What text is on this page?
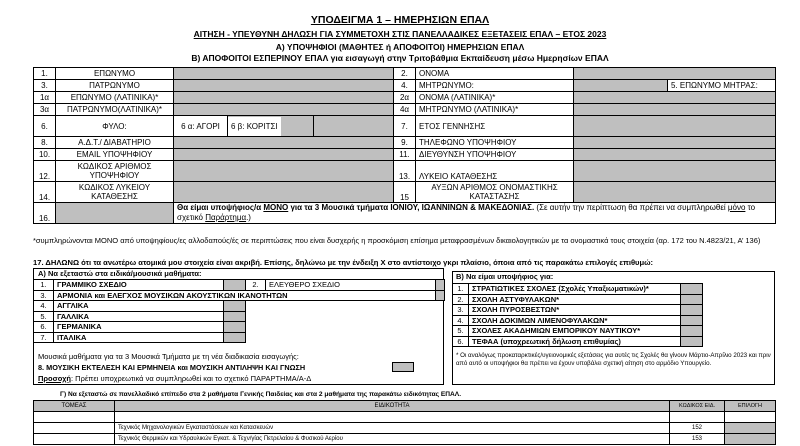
ΥΠΟΔΕΙΓΜΑ 1 – ΗΜΕΡΗΣΙΩΝ ΕΠΑΛ
ΑΙΤΗΣΗ - ΥΠΕΥΘΥΝΗ ΔΗΛΩΣΗ ΓΙΑ ΣΥΜΜΕΤΟΧΗ ΣΤΙΣ ΠΑΝΕΛΛΑΔΙΚΕΣ ΕΞΕΤΑΣΕΙΣ ΕΠΑΛ – ΕΤΟΣ 2023
Α) ΥΠΟΨΗΦΙΟΙ (ΜΑΘΗΤΕΣ ή ΑΠΟΦΟΙΤΟΙ) ΗΜΕΡΗΣΙΩΝ ΕΠΑΛ
Β) ΑΠΟΦΟΙΤΟΙ ΕΣΠΕΡΙΝΟΥ ΕΠΑΛ για εισαγωγή στην Τριτοβάθμια Εκπαίδευση μέσω Ημερησίων ΕΠΑΛ
1.	ΕΠΩΝΥΜΟ				2.	ΟΝΟΜΑ		
3.	ΠΑΤΡΩΝΥΜΟ				4.	ΜΗΤΡΩΝΥΜΟ:		5. ΕΠΩΝΥΜΟ ΜΗΤΡΑΣ:
1α	ΕΠΩΝΥΜΟ (ΛΑΤΙΝΙΚΑ)*				2α	ΟΝΟΜΑ (ΛΑΤΙΝΙΚΑ)*		
3α	ΠΑΤΡΩΝΥΜΟ(ΛΑΤΙΝΙΚΑ)*				4α	ΜΗΤΡΩΝΥΜΟ (ΛΑΤΙΝΙΚΑ)*		
6.	ΦΥΛΟ:	6 α: ΑΓΟΡΙ	6 β: ΚΟΡΙΤΣΙ		7.	ΕΤΟΣ ΓΕΝΝΗΣΗΣ		
8.	Α.Δ.Τ./ ΔΙΑΒΑΤΗΡΙΟ				9.	ΤΗΛΕΦΩΝΟ ΥΠΟΨΗΦΙΟΥ		
10.	EMAIL ΥΠΟΨΗΦΙΟΥ				11.	ΔΙΕΥΘΥΝΣΗ ΥΠΟΨΗΦΙΟΥ		
12.	ΚΩΔΙΚΟΣ ΑΡΙΘΜΟΣ ΥΠΟΨΗΦΙΟΥ				13.	ΛΥΚΕΙΟ ΚΑΤΑΘΕΣΗΣ		
14.	ΚΩΔΙΚΟΣ ΛΥΚΕΙΟΥ ΚΑΤΑΘΕΣΗΣ				15	ΑΥΞΩΝ ΑΡΙΘΜΟΣ ΟΝΟΜΑΣΤΙΚΗΣ ΚΑΤΑΣΤΑΣΗΣ		
16.		Θα είμαι υποψήφιος/α ΜΟΝΟ για τα 3 Μουσικά τμήματα ΙΟΝΙΟΥ, ΙΩΑΝΝΙΝΩΝ & ΜΑΚΕΔΟΝΙΑΣ. (Σε αυτήν την περίπτωση θα πρέπει να συμπληρωθεί μόνο το σχετικό Παράρτημα.)						
*συμπληρώνονται ΜΟΝΟ από υποψηφίους/ες αλλοδαπούς/ές σε περιπτώσεις που είναι δυσχερής η προσκόμιση επίσημα μεταφρασμένων δικαιολογητικών με τα ονομαστικά τους στοιχεία (αρ. 172 του Ν.4823/21, Α’ 136)
17. ΔΗΛΩΝΩ ότι τα ανωτέρω ατομικά μου στοιχεία είναι ακριβή. Επίσης, δηλώνω με την ένδειξη Χ στο αντίστοιχο γκρι πλαίσιο, όποια από τις παρακάτω επιλογές επιθυμώ:
Α) Να εξεταστώ στα ειδικά/μουσικά μαθήματα:
1.	ΓΡΑΜΜΙΚΟ ΣΧΕΔΙΟ		2.	ΕΛΕΥΘΕΡΟ ΣΧΕΔΙΟ	
3.	ΑΡΜΟΝΙΑ και ΕΛΕΓΧΟΣ ΜΟΥΣΙΚΩΝ ΑΚΟΥΣΤΙΚΩΝ ΙΚΑΝΟΤΗΤΩΝ				
4.	ΑΓΓΛΙΚΑ				
5.	ΓΑΛΛΙΚΑ				
6.	ΓΕΡΜΑΝΙΚΑ				
7.	ΙΤΑΛΙΚΑ				
Μουσικά μαθήματα για τα 3 Μουσικά Τμήματα με τη νέα διαδικασία εισαγωγής:
8. ΜΟΥΣΙΚΗ ΕΚΤΕΛΕΣΗ ΚΑΙ ΕΡΜΗΝΕΙΑ και ΜΟΥΣΙΚΗ ΑΝΤΙΛΗΨΗ ΚΑΙ ΓΝΩΣΗ
Προσοχή: Πρέπει υποχρεωτικά να συμπληρωθεί και το σχετικό ΠΑΡΑΡΤΗΜΑ/Α-Δ
Β) Να είμαι υποψήφιος για:
1.	ΣΤΡΑΤΙΩΤΙΚΕΣ ΣΧΟΛΕΣ (Σχολές Υπαξιωματικών)*	
2.	ΣΧΟΛΗ ΑΣΤΥΦΥΛΑΚΩΝ*	
3.	ΣΧΟΛΗ ΠΥΡΟΣΒΕΣΤΩΝ*	
4.	ΣΧΟΛΗ ΔΟΚΙΜΩΝ ΛΙΜΕΝΟΦΥΛΑΚΩΝ*	
5.	ΣΧΟΛΕΣ ΑΚΑΔΗΜΙΩΝ ΕΜΠΟΡΙΚΟΥ ΝΑΥΤΙΚΟΥ*	
6.	ΤΕΦΑΑ (υποχρεωτική δήλωση επιθυμίας)	
* Οι αναλόγως προκαταρκτικές/υγειονομικές εξετάσεις για αυτές τις Σχολές θα γίνουν Μάρτιο-Απρίλιο 2023 και πριν από αυτό οι υποψήφιοι θα πρέπει να έχουν υποβάλει σχετική αίτηση στο αρμόδιο Υπουργείο.
Γ) Να εξεταστώ σε πανελλαδικό επίπεδο στα 2 μαθήματα Γενικής Παιδείας και στα 2 μαθήματα της παρακάτω ειδικότητας ΕΠΑΛ.
ΤΟΜΕΑΣ	ΕΙΔΙΚΟΤΗΤΑ	ΚΩΔΙΚΟΣ ΕΙΔ.	ΕΠΙΛΟΓΗ

	Τεχνικός Μηχανολογικών Εγκαταστάσεων και Κατασκευών	152	
	Τεχνικός Θερμικών και Υδραυλικών Εγκατ. & Τεχν/γίας Πετρελαίου & Φυσικού Αερίου	153	
